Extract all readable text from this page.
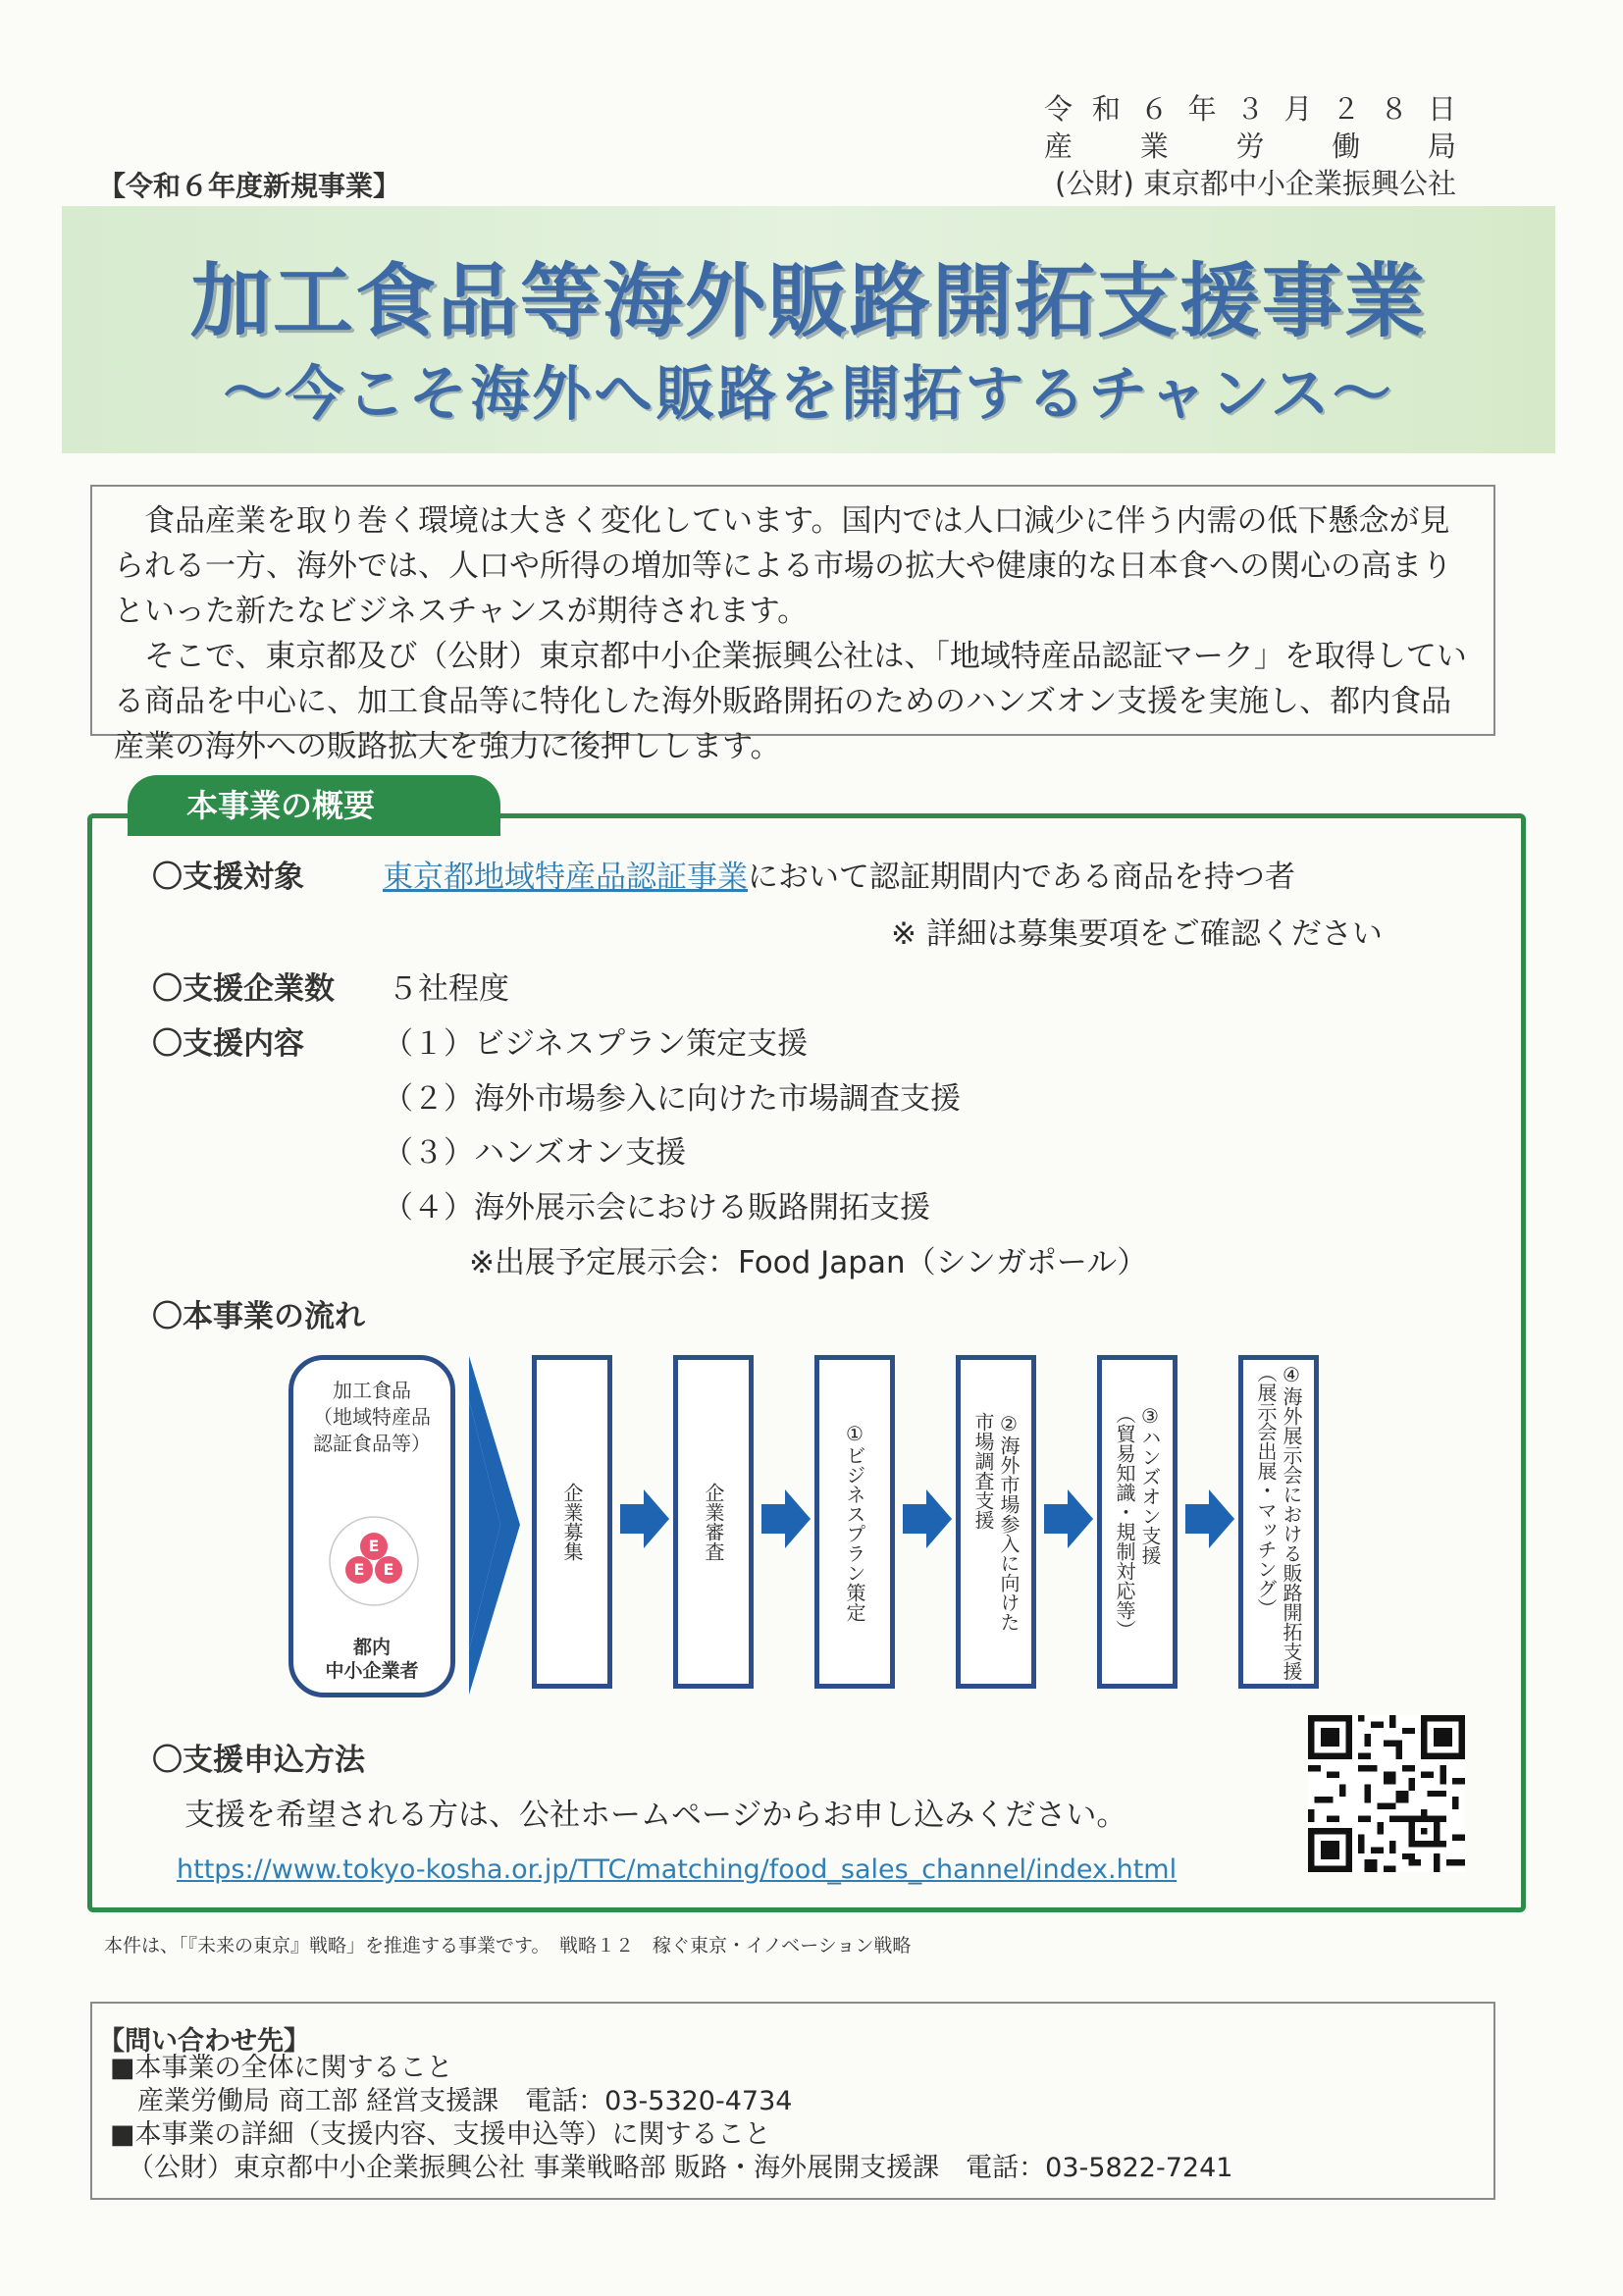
令和６年３月２８日
産業労働局
(公財) 東京都中小企業振興公社
【令和６年度新規事業】
加工食品等海外販路開拓支援事業
～今こそ海外へ販路を開拓するチャンス～

食品産業を取り巻く環境は大きく変化しています。国内では人口減少に伴う内需の低下懸念が見られる一方、海外では、人口や所得の増加等による市場の拡大や健康的な日本食への関心の高まりといった新たなビジネスチャンスが期待されます。

そこで、東京都及び（公財）東京都中小企業振興公社は、「地域特産品認証マーク」を取得している商品を中心に、加工食品等に特化した海外販路開拓のためのハンズオン支援を実施し、都内食品産業の海外への販路拡大を強力に後押しします。

本事業の概要
〇支援対象	東京都地域特産品認証事業において認証期間内である商品を持つ者
※ 詳細は募集要項をご確認ください
〇支援企業数 ５社程度
〇支援内容	（１）ビジネスプラン策定支援
（２）海外市場参入に向けた市場調査支援
（３）ハンズオン支援
（４）海外展示会における販路開拓支援
※出展予定展示会：Food Japan（シンガポール）
〇本事業の流れ
加工食品
（地域特産品
認証食品等）
E
E E
都内
中小企業者
企業募集	企業審査	①ビジネスプラン策定	②海外市場参入に向けた
市場調査支援	③ハンズオン支援
（貿易知識・規制対応等）	④海外展示会における販路開拓支援
（展示会出展・マッチング）
〇支援申込方法
支援を希望される方は、公社ホームページからお申し込みください。
https://www.tokyo-kosha.or.jp/TTC/matching/food_sales_channel/index.html
本件は、「『未来の東京』戦略」を推進する事業です。　戦略１２　稼ぐ東京・イノベーション戦略
【問い合わせ先】
■本事業の全体に関すること
産業労働局 商工部 経営支援課　電話：03-5320-4734
■本事業の詳細（支援内容、支援申込等）に関すること
（公財）東京都中小企業振興公社 事業戦略部 販路・海外展開支援課　電話：03-5822-7241
